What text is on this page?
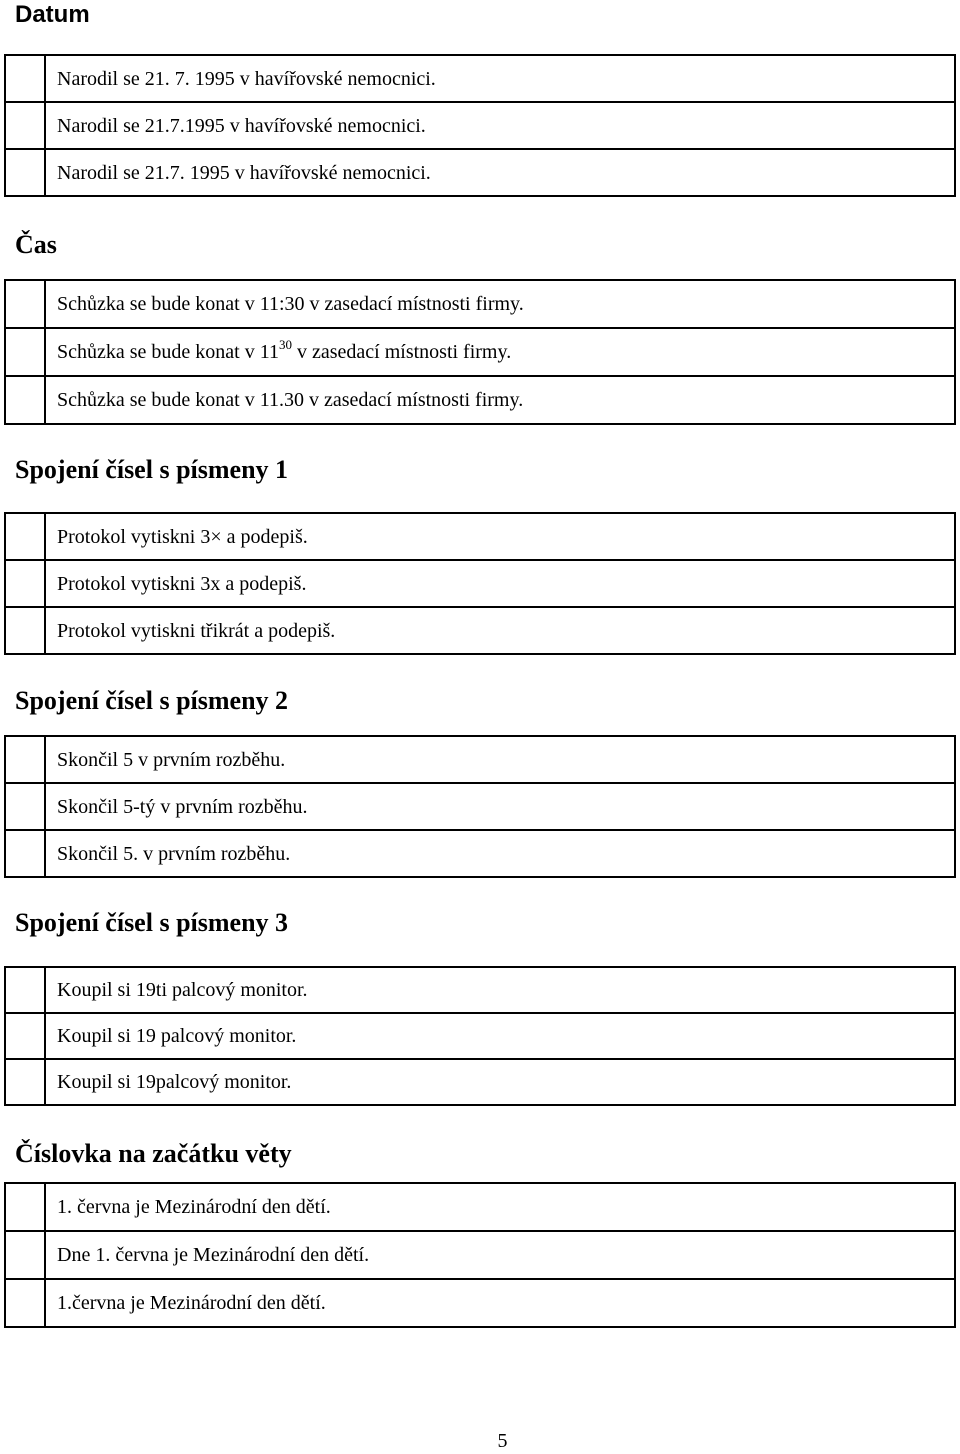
Datum
	Narodil se 21. 7. 1995 v havířovské nemocnici.
	Narodil se 21.7.1995 v havířovské nemocnici.
	Narodil se 21.7. 1995 v havířovské nemocnici.
Čas
	Schůzka se bude konat v 11:30 v zasedací místnosti firmy.
	Schůzka se bude konat v $11^{30}$ v zasedací místnosti firmy.
	Schůzka se bude konat v 11.30 v zasedací místnosti firmy.
Spojení čísel s písmeny 1
	Protokol vytiskni 3× a podepiš.
	Protokol vytiskni 3x a podepiš.
	Protokol vytiskni třikrát a podepiš.
Spojení čísel s písmeny 2
	Skončil 5 v prvním rozběhu.
	Skončil 5-tý v prvním rozběhu.
	Skončil 5. v prvním rozběhu.
Spojení čísel s písmeny 3
	Koupil si 19ti palcový monitor.
	Koupil si 19 palcový monitor.
	Koupil si 19palcový monitor.
Číslovka na začátku věty
	1. června je Mezinárodní den dětí.
	Dne 1. června je Mezinárodní den dětí.
	1.června je Mezinárodní den dětí.
5
